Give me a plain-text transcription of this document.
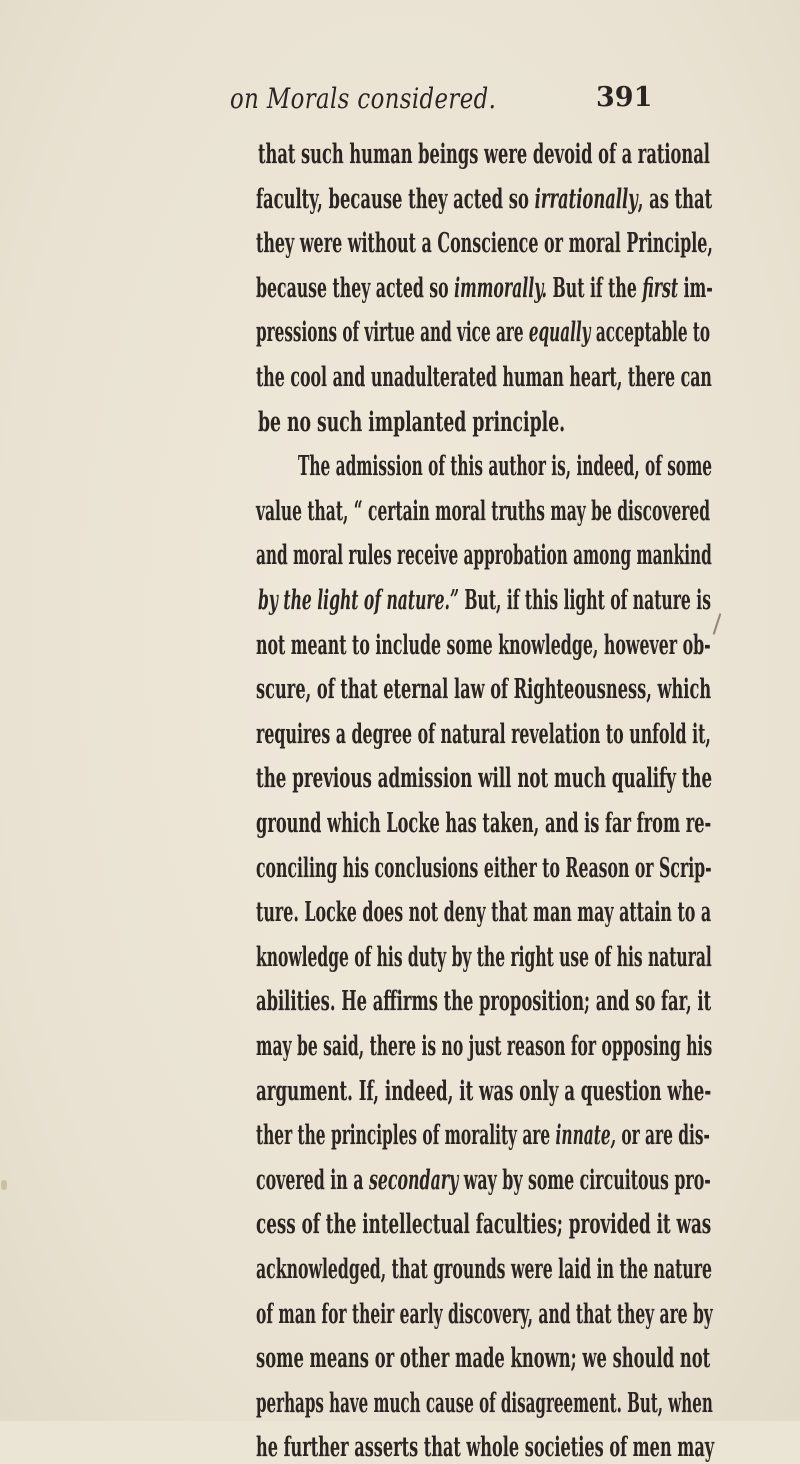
on Morals considered.	391
that such human beings were devoid of a rational
faculty, because they acted so irrationally, as that
they were without a Conscience or moral Principle,
because they acted so immorally. But if the first im-
pressions of virtue and vice are equally acceptable to
the cool and unadulterated human heart, there can
be no such implanted principle.
The admission of this author is, indeed, of some
value that, “ certain moral truths may be discovered
and moral rules receive approbation among mankind
by the light of nature.” But, if this light of nature is
not meant to include some knowledge, however ob-
scure, of that eternal law of Righteousness, which
requires a degree of natural revelation to unfold it,
the previous admission will not much qualify the
ground which Locke has taken, and is far from re-
conciling his conclusions either to Reason or Scrip-
ture. Locke does not deny that man may attain to a
knowledge of his duty by the right use of his natural
abilities. He affirms the proposition; and so far, it
may be said, there is no just reason for opposing his
argument. If, indeed, it was only a question whe-
ther the principles of morality are innate, or are dis-
covered in a secondary way by some circuitous pro-
cess of the intellectual faculties; provided it was
acknowledged, that grounds were laid in the nature
of man for their early discovery, and that they are by
some means or other made known; we should not
perhaps have much cause of disagreement. But, when
he further asserts that whole societies of men may
